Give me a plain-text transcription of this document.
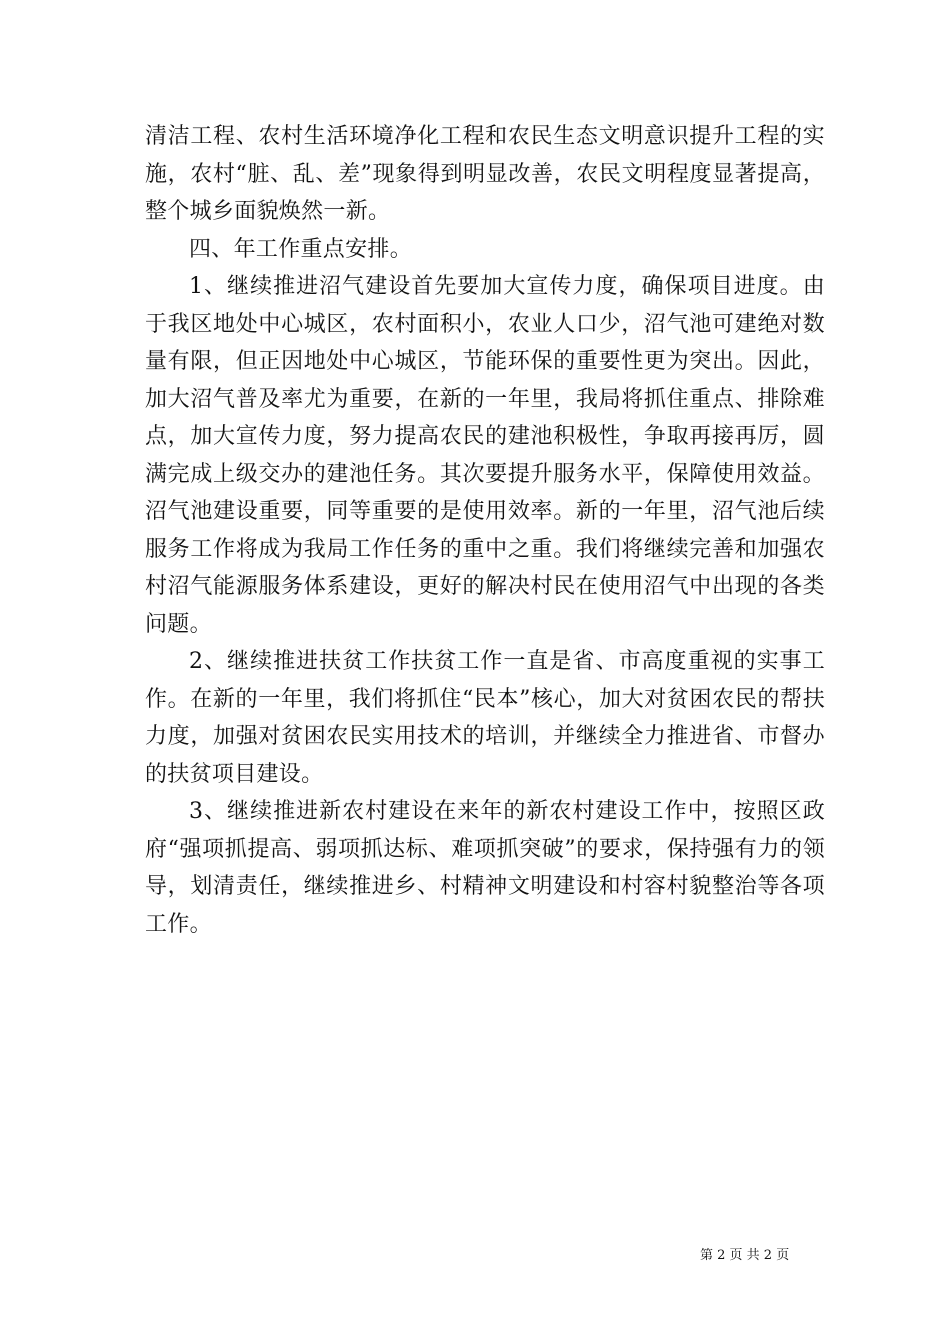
清洁工程、农村生活环境净化工程和农民生态文明意识提升工程的实施，农村“脏、乱、差”现象得到明显改善，农民文明程度显著提高，整个城乡面貌焕然一新。

四、年工作重点安排。

1、继续推进沼气建设首先要加大宣传力度，确保项目进度。由于我区地处中心城区，农村面积小，农业人口少，沼气池可建绝对数量有限，但正因地处中心城区，节能环保的重要性更为突出。因此，加大沼气普及率尤为重要，在新的一年里，我局将抓住重点、排除难点，加大宣传力度，努力提高农民的建池积极性，争取再接再厉，圆满完成上级交办的建池任务。其次要提升服务水平，保障使用效益。沼气池建设重要，同等重要的是使用效率。新的一年里，沼气池后续服务工作将成为我局工作任务的重中之重。我们将继续完善和加强农村沼气能源服务体系建设，更好的解决村民在使用沼气中出现的各类问题。

2、继续推进扶贫工作扶贫工作一直是省、市高度重视的实事工作。在新的一年里，我们将抓住“民本”核心，加大对贫困农民的帮扶力度，加强对贫困农民实用技术的培训，并继续全力推进省、市督办的扶贫项目建设。

3、继续推进新农村建设在来年的新农村建设工作中，按照区政府“强项抓提高、弱项抓达标、难项抓突破”的要求，保持强有力的领导，划清责任，继续推进乡、村精神文明建设和村容村貌整治等各项工作。

第 2 页 共 2 页
